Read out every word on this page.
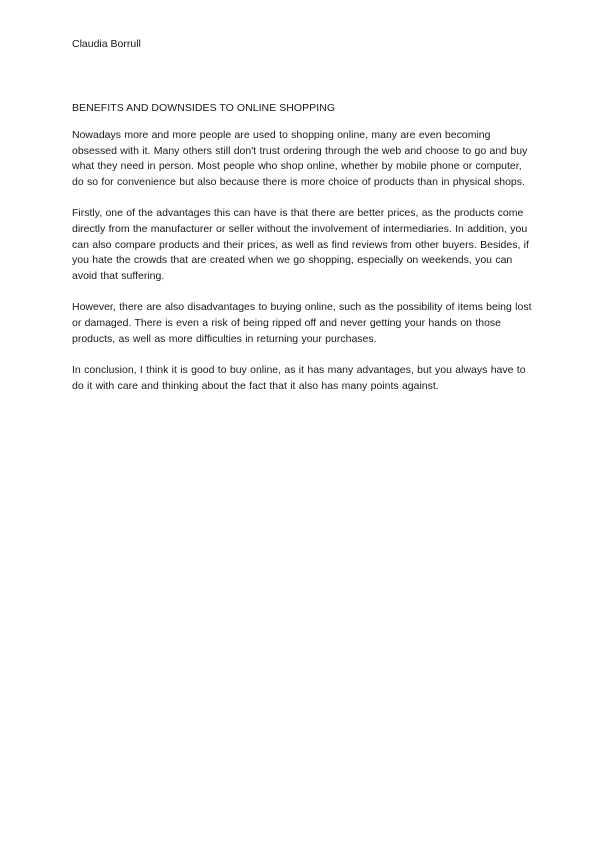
Claudia Borrull

BENEFITS AND DOWNSIDES TO ONLINE SHOPPING

Nowadays more and more people are used to shopping online, many are even becoming obsessed with it. Many others still don't trust ordering through the web and choose to go and buy what they need in person. Most people who shop online, whether by mobile phone or computer, do so for convenience but also because there is more choice of products than in physical shops.

Firstly, one of the advantages this can have is that there are better prices, as the products come directly from the manufacturer or seller without the involvement of intermediaries. In addition, you can also compare products and their prices, as well as find reviews from other buyers. Besides, if you hate the crowds that are created when we go shopping, especially on weekends, you can avoid that suffering.

However, there are also disadvantages to buying online, such as the possibility of items being lost or damaged. There is even a risk of being ripped off and never getting your hands on those products, as well as more difficulties in returning your purchases.

In conclusion, I think it is good to buy online, as it has many advantages, but you always have to do it with care and thinking about the fact that it also has many points against.
